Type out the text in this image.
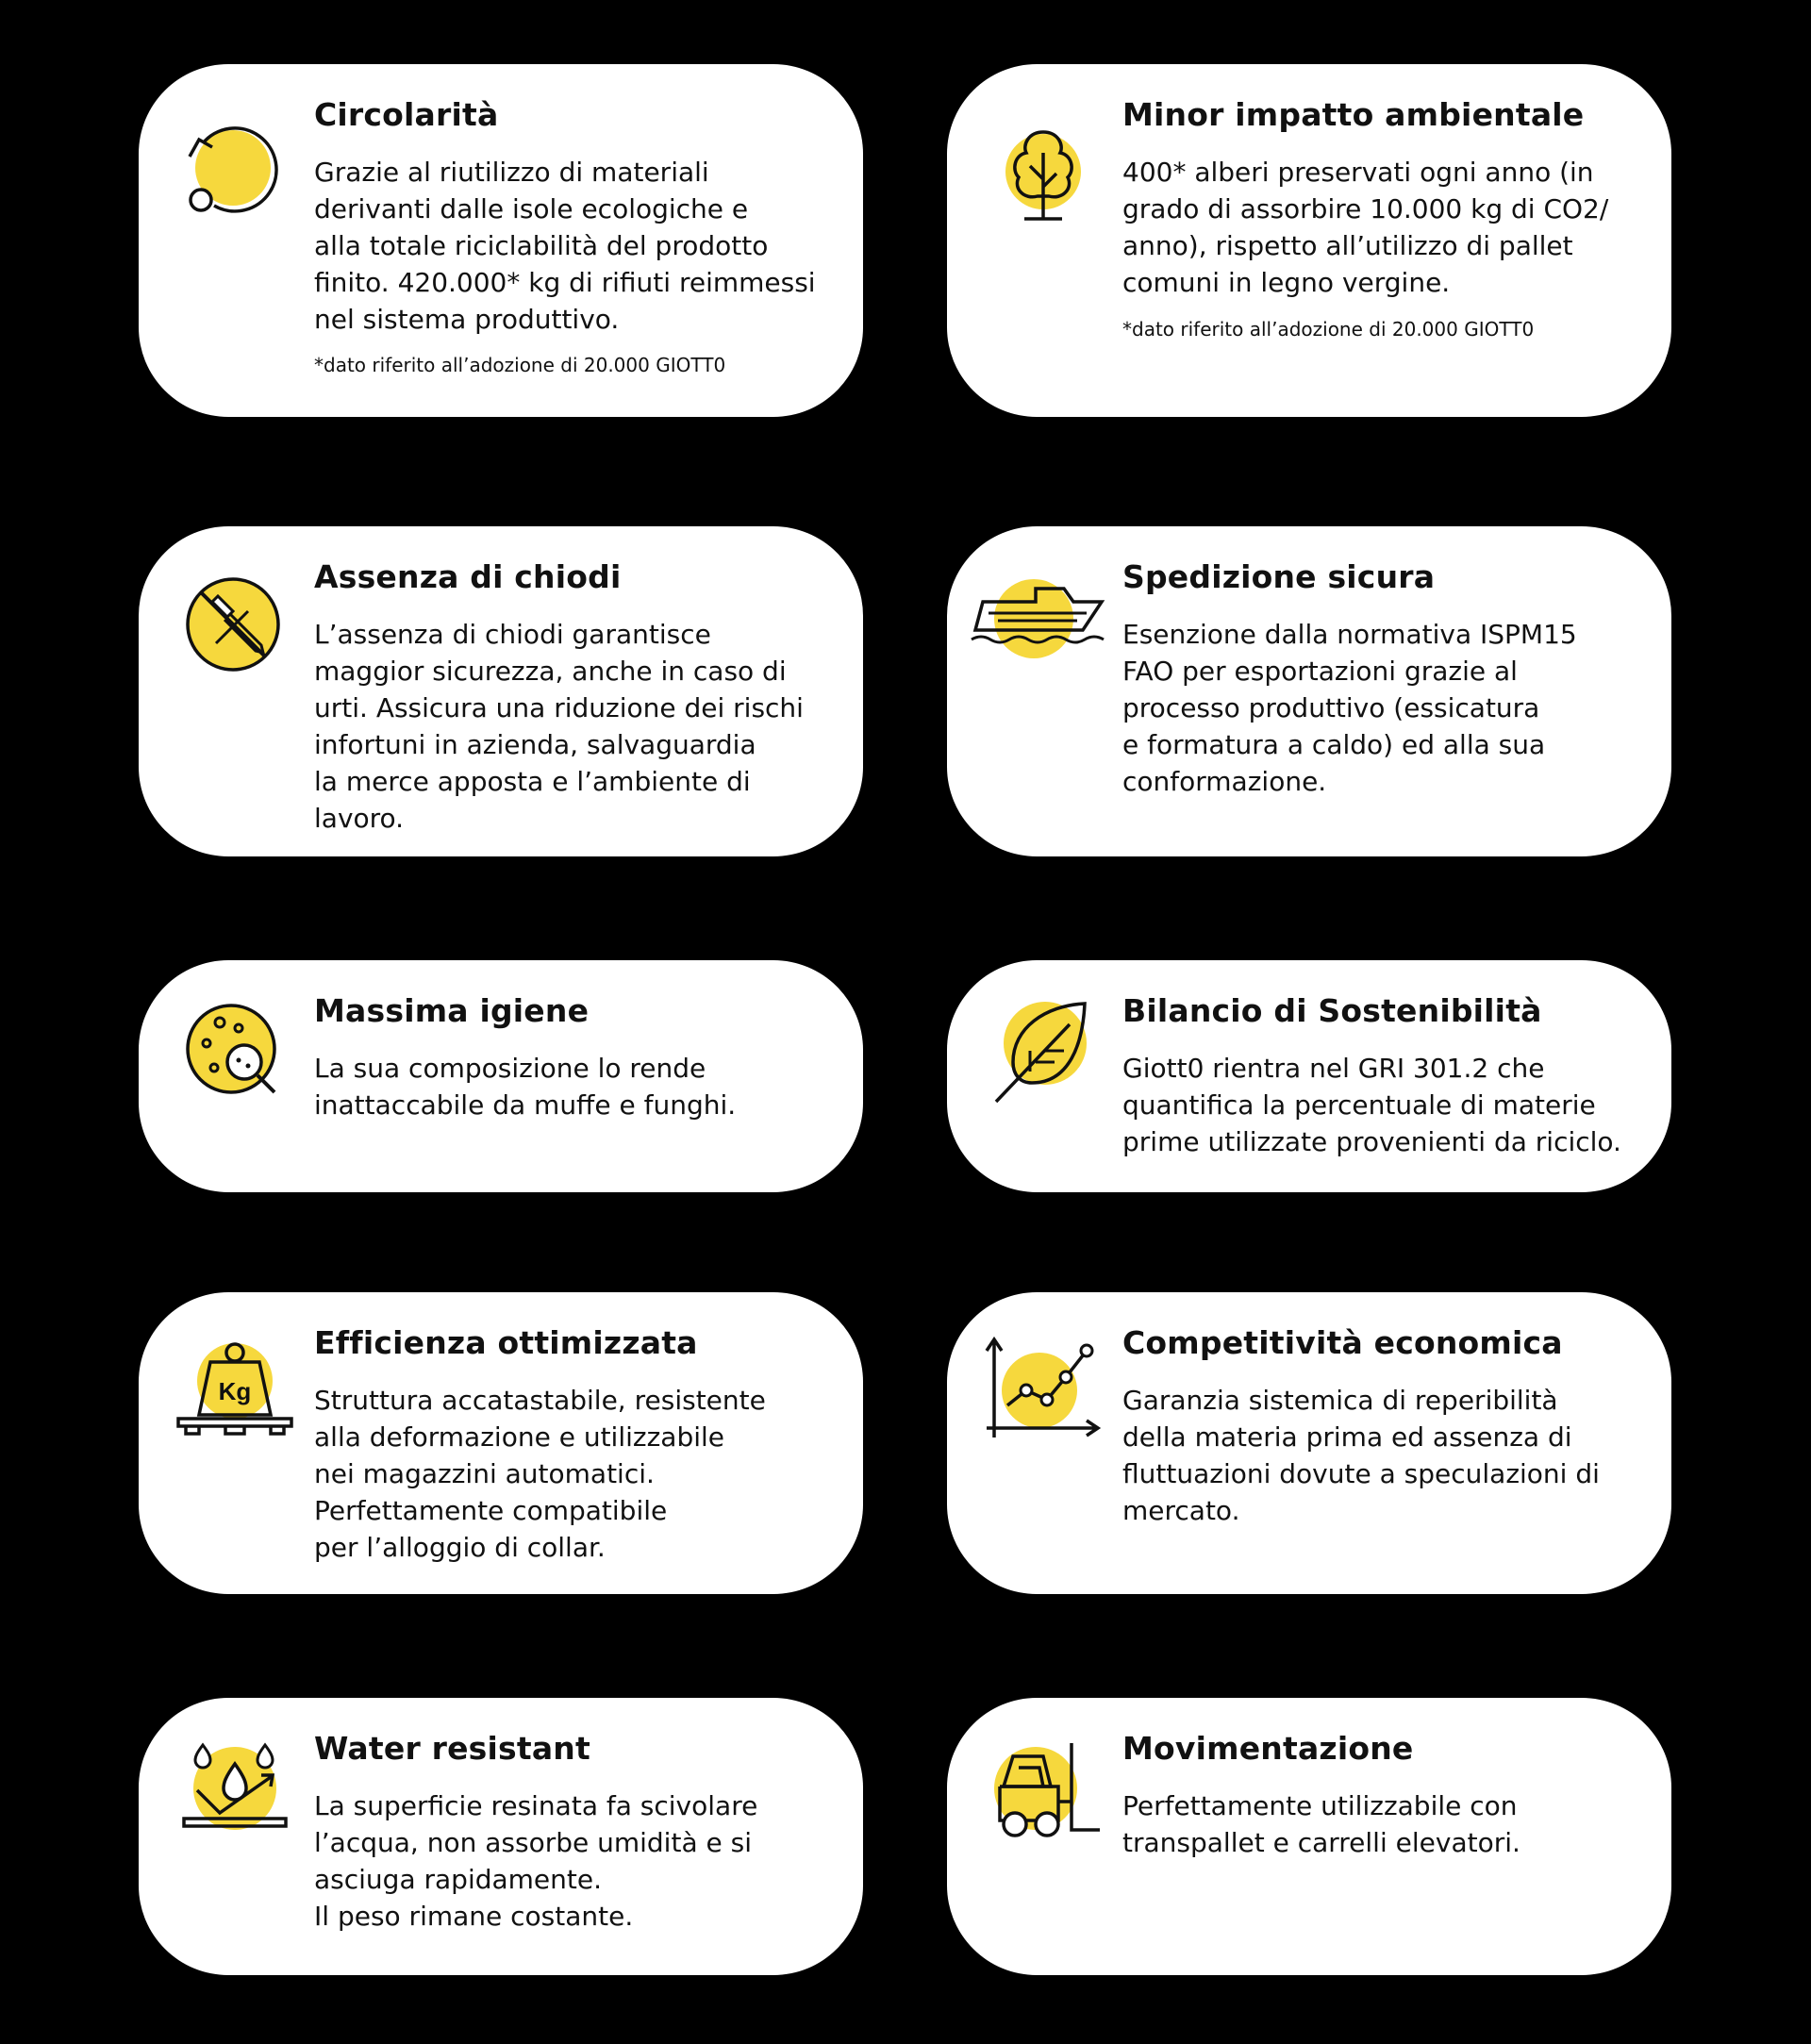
Circolarità
Grazie al riutilizzo di materiali
derivanti dalle isole ecologiche e
alla totale riciclabilità del prodotto
finito. 420.000* kg di rifiuti reimmessi
nel sistema produttivo.
*dato riferito all’adozione di 20.000 GIOTT0
Minor impatto ambientale
400* alberi preservati ogni anno (in
grado di assorbire 10.000 kg di CO2/
anno), rispetto all’utilizzo di pallet
comuni in legno vergine.
*dato riferito all’adozione di 20.000 GIOTT0
Assenza di chiodi
L’assenza di chiodi garantisce
maggior sicurezza, anche in caso di
urti. Assicura una riduzione dei rischi
infortuni in azienda, salvaguardia
la merce apposta e l’ambiente di
lavoro.
Spedizione sicura
Esenzione dalla normativa ISPM15
FAO per esportazioni grazie al
processo produttivo (essicatura
e formatura a caldo) ed alla sua
conformazione.
Massima igiene
La sua composizione lo rende
inattaccabile da muffe e funghi.
Bilancio di Sostenibilità
Giott0 rientra nel GRI 301.2 che
quantifica la percentuale di materie
prime utilizzate provenienti da riciclo.
Kg
Efficienza ottimizzata
Struttura accatastabile, resistente
alla deformazione e utilizzabile
nei magazzini automatici.
Perfettamente compatibile
per l’alloggio di collar.
Competitività economica
Garanzia sistemica di reperibilità
della materia prima ed assenza di
fluttuazioni dovute a speculazioni di
mercato.
Water resistant
La superficie resinata fa scivolare
l’acqua, non assorbe umidità e si
asciuga rapidamente.
Il peso rimane costante.
Movimentazione
Perfettamente utilizzabile con
transpallet e carrelli elevatori.
